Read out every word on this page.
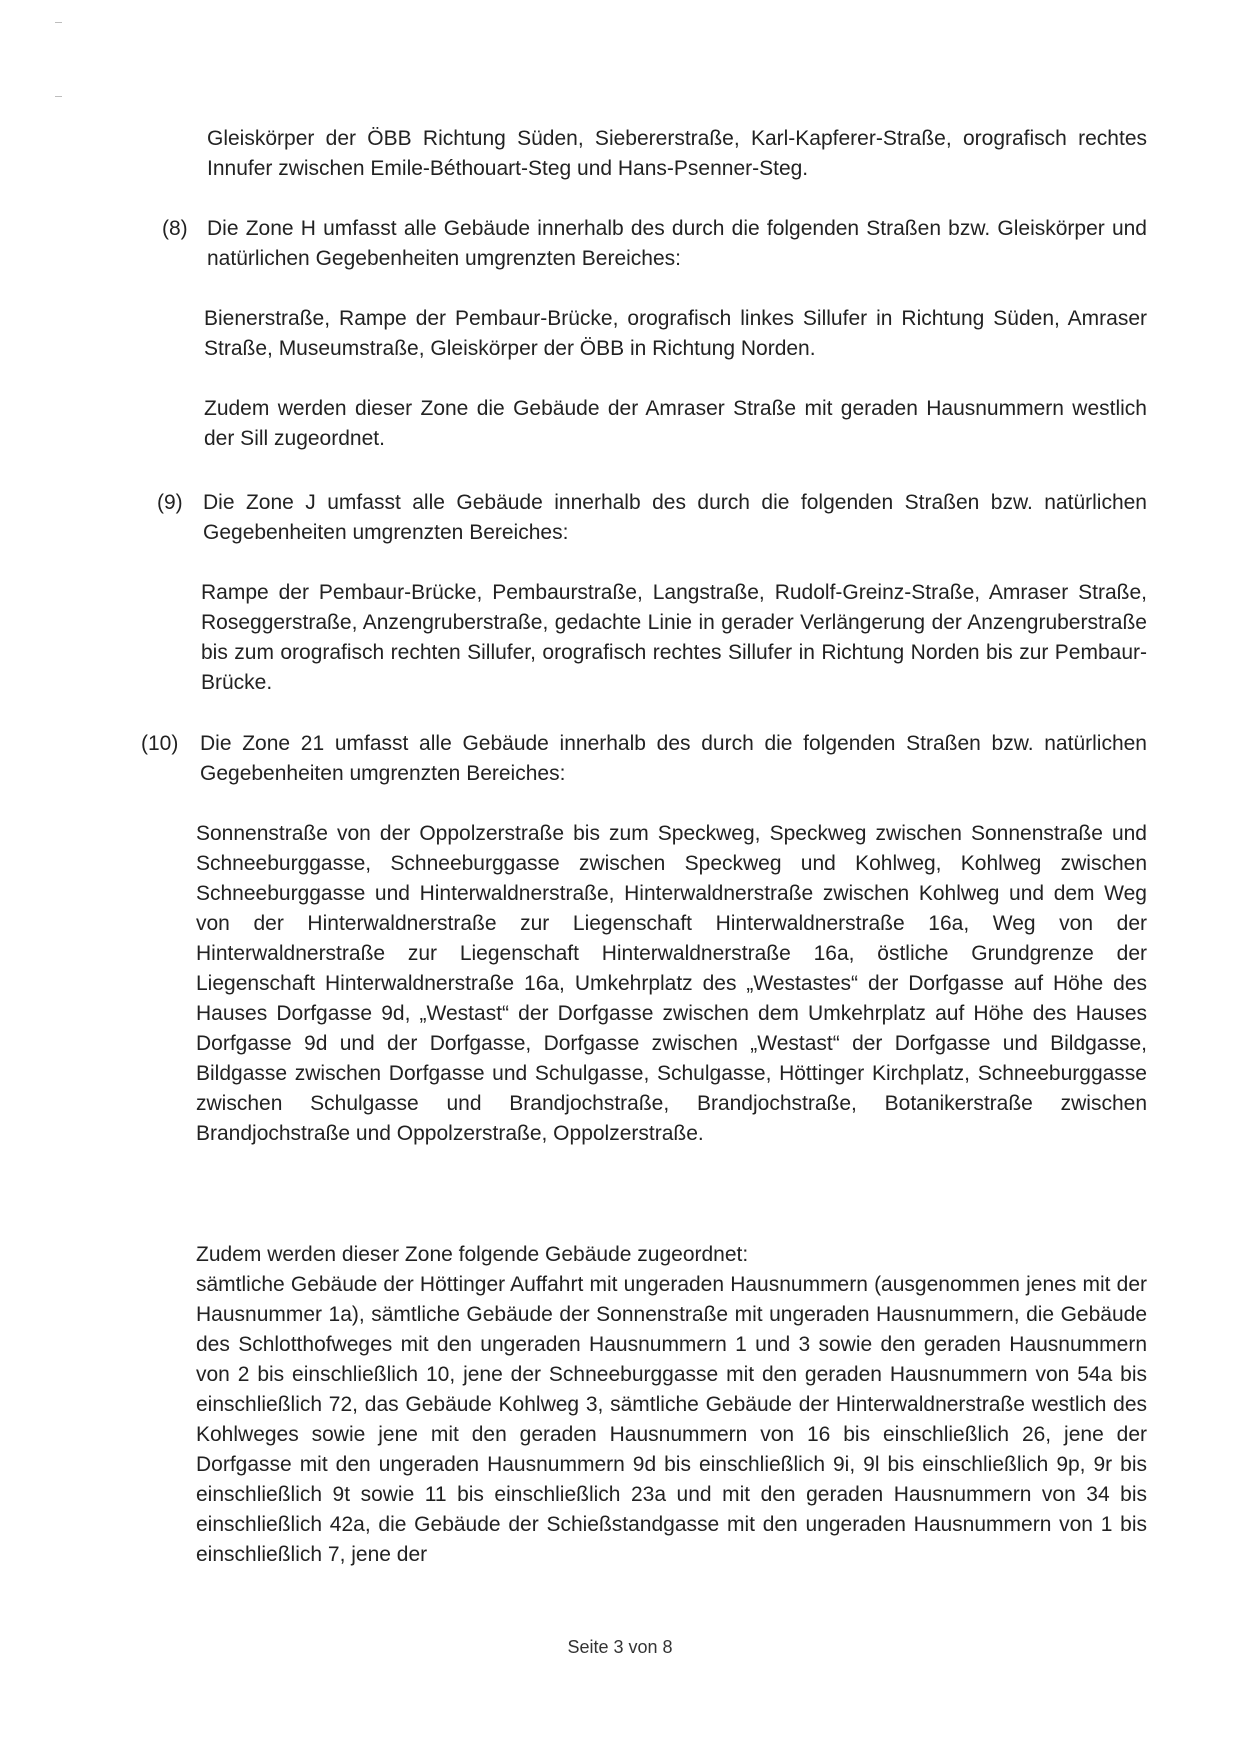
Gleiskörper der ÖBB Richtung Süden, Siebererstraße, Karl-Kapferer-Straße, orografisch rechtes Innufer zwischen Emile-Béthouart-Steg und Hans-Psenner-Steg.

(8) Die Zone H umfasst alle Gebäude innerhalb des durch die folgenden Straßen bzw. Gleiskörper und natürlichen Gegebenheiten umgrenzten Bereiches:

Bienerstraße, Rampe der Pembaur-Brücke, orografisch linkes Sillufer in Richtung Süden, Amraser Straße, Museumstraße, Gleiskörper der ÖBB in Richtung Norden.

Zudem werden dieser Zone die Gebäude der Amraser Straße mit geraden Hausnummern westlich der Sill zugeordnet.

(9) Die Zone J umfasst alle Gebäude innerhalb des durch die folgenden Straßen bzw. natürlichen Gegebenheiten umgrenzten Bereiches:

Rampe der Pembaur-Brücke, Pembaurstraße, Langstraße, Rudolf-Greinz-Straße, Amraser Straße, Roseggerstraße, Anzengruberstraße, gedachte Linie in gerader Verlängerung der Anzengruberstraße bis zum orografisch rechten Sillufer, orografisch rechtes Sillufer in Richtung Norden bis zur Pembaur-Brücke.

(10) Die Zone 21 umfasst alle Gebäude innerhalb des durch die folgenden Straßen bzw. natürlichen Gegebenheiten umgrenzten Bereiches:

Sonnenstraße von der Oppolzerstraße bis zum Speckweg, Speckweg zwischen Sonnenstraße und Schneeburggasse, Schneeburggasse zwischen Speckweg und Kohlweg, Kohlweg zwischen Schneeburggasse und Hinterwaldnerstraße, Hinterwaldnerstraße zwischen Kohlweg und dem Weg von der Hinterwaldnerstraße zur Liegenschaft Hinterwaldnerstraße 16a, Weg von der Hinterwaldnerstraße zur Liegenschaft Hinterwaldnerstraße 16a, östliche Grundgrenze der Liegenschaft Hinterwaldnerstraße 16a, Umkehrplatz des „Westastes“ der Dorfgasse auf Höhe des Hauses Dorfgasse 9d, „Westast“ der Dorfgasse zwischen dem Umkehrplatz auf Höhe des Hauses Dorfgasse 9d und der Dorfgasse, Dorfgasse zwischen „Westast“ der Dorfgasse und Bildgasse, Bildgasse zwischen Dorfgasse und Schulgasse, Schulgasse, Höttinger Kirchplatz, Schneeburggasse zwischen Schulgasse und Brandjochstraße, Brandjochstraße, Botanikerstraße zwischen Brandjochstraße und Oppolzerstraße, Oppolzerstraße.

Zudem werden dieser Zone folgende Gebäude zugeordnet:

sämtliche Gebäude der Höttinger Auffahrt mit ungeraden Hausnummern (ausgenommen jenes mit der Hausnummer 1a), sämtliche Gebäude der Sonnenstraße mit ungeraden Hausnummern, die Gebäude des Schlotthofweges mit den ungeraden Hausnummern 1 und 3 sowie den geraden Hausnummern von 2 bis einschließlich 10, jene der Schneeburggasse mit den geraden Hausnummern von 54a bis einschließlich 72, das Gebäude Kohlweg 3, sämtliche Gebäude der Hinterwaldnerstraße westlich des Kohlweges sowie jene mit den geraden Hausnummern von 16 bis einschließlich 26, jene der Dorfgasse mit den ungeraden Hausnummern 9d bis einschließlich 9i, 9l bis einschließlich 9p, 9r bis einschließlich 9t sowie 11 bis einschließlich 23a und mit den geraden Hausnummern von 34 bis einschließlich 42a, die Gebäude der Schießstandgasse mit den ungeraden Hausnummern von 1 bis einschließlich 7, jene der

Seite 3 von 8
